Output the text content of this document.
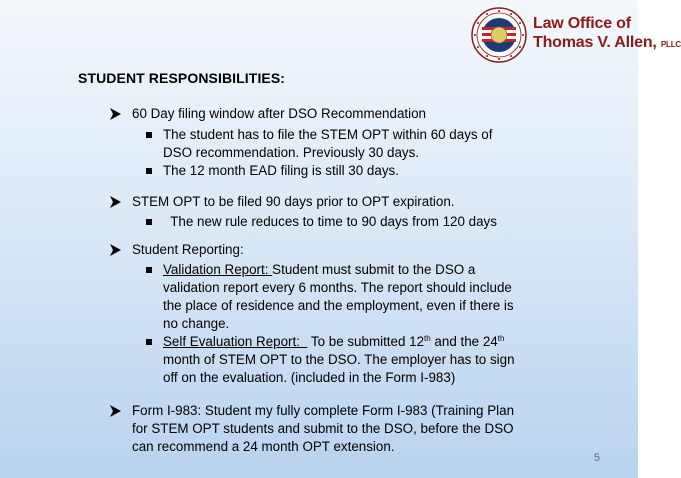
Law Office of
Thomas V. Allen, PLLC
STUDENT RESPONSIBILITIES:
60 Day filing window after DSO Recommendation
The student has to file the STEM OPT within 60 days of
DSO recommendation. Previously 30 days.
The 12 month EAD filing is still 30 days.
STEM OPT to be filed 90 days prior to OPT expiration.
The new rule reduces to time to 90 days from 120 days
Student Reporting:
Validation Report: Student must submit to the DSO a
validation report every 6 months. The report should include
the place of residence and the employment, even if there is
no change.
Self Evaluation Report:   To be submitted 12th and the 24th
month of STEM OPT to the DSO. The employer has to sign
off on the evaluation. (included in the Form I-983)
Form I-983: Student my fully complete Form I-983 (Training Plan
for STEM OPT students and submit to the DSO, before the DSO
can recommend a 24 month OPT extension.
5
